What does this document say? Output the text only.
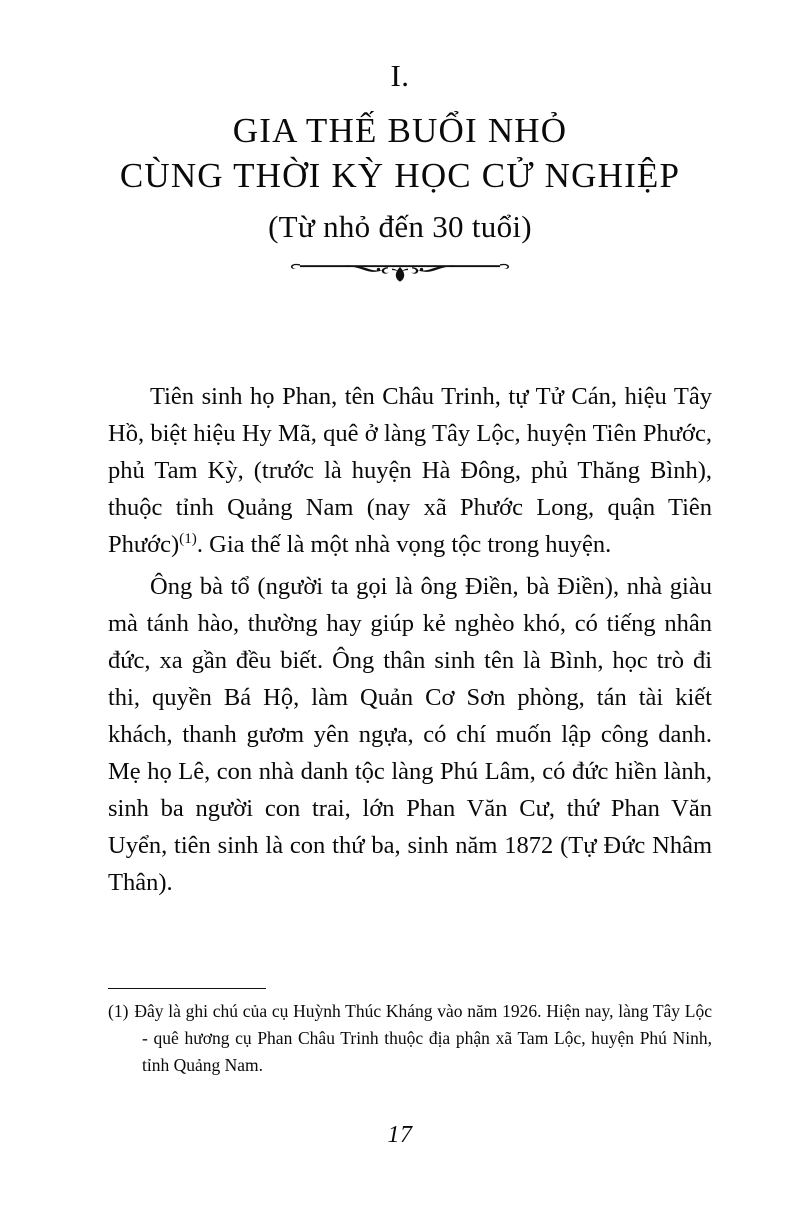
I.
GIA THẾ BUỔI NHỎ
CÙNG THỜI KỲ HỌC CỬ NGHIỆP
(Từ nhỏ đến 30 tuổi)

Tiên sinh họ Phan, tên Châu Trinh, tự Tử Cán, hiệu Tây Hồ, biệt hiệu Hy Mã, quê ở làng Tây Lộc, huyện Tiên Phước, phủ Tam Kỳ, (trước là huyện Hà Đông, phủ Thăng Bình), thuộc tỉnh Quảng Nam (nay xã Phước Long, quận Tiên Phước)$^{(1)}$. Gia thế là một nhà vọng tộc trong huyện.

Ông bà tổ (người ta gọi là ông Điền, bà Điền), nhà giàu mà tánh hào, thường hay giúp kẻ nghèo khó, có tiếng nhân đức, xa gần đều biết. Ông thân sinh tên là Bình, học trò đi thi, quyền Bá Hộ, làm Quản Cơ Sơn phòng, tán tài kiết khách, thanh gươm yên ngựa, có chí muốn lập công danh. Mẹ họ Lê, con nhà danh tộc làng Phú Lâm, có đức hiền lành, sinh ba người con trai, lớn Phan Văn Cư, thứ Phan Văn Uyển, tiên sinh là con thứ ba, sinh năm 1872 (Tự Đức Nhâm Thân).

(1) Đây là ghi chú của cụ Huỳnh Thúc Kháng vào năm 1926. Hiện nay, làng Tây Lộc - quê hương cụ Phan Châu Trinh thuộc địa phận xã Tam Lộc, huyện Phú Ninh, tỉnh Quảng Nam.

17
